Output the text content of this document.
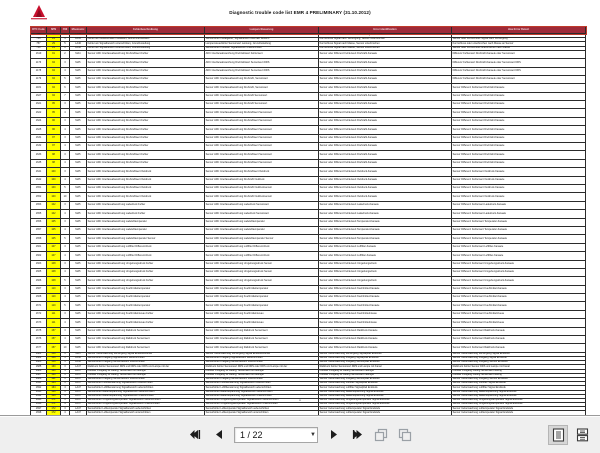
Diagnostic trouble code list EMR 4 PRELIMINARY (31.10.2012)
DTC Code	SPN	FMI	Mnemonic	Fehlerbeschreibung	Lampen-Steuerung	Error identification	How Error Detect
755	29	3	LA45	Fehler am Nebelschalter Pedalwert, Aufnehmerstellwert	nicht auswertbarer Fehler am Pedalwert-Aufnehmer	Kurzschluss nach Masse oder Unterbrechung an Sensor	Kurzschluss oder unterbrochen nach Masse an Sensor
756	29	4	LA45	Fehler am Nebelschalter Pedalwert, Aufnehmerstellwert	Sensorfehler Pedalgeber, Signalbereich oberhalb Bereich	Kurzschluss Signal nach Versorgung, Sensor unterbrochen	Sensor oder Kurzschluss Signal nach Versorgung
757	29	5	LA46	Fehler am Signalbereich unterschritten, Grundzustellung	Lampensteuerfehler Sensorwert Leistung, Grundzustellung	Kurzschluss Signal nach Masse, Sensor unterbrochen	Kurzschluss oder unterbrochen nach Masse an Sensor
758	29	6	LA46	Fehler am Signalbereich unterschritten, Grundzustellung	Sensorfehler Funktion Signalbereich unterschritten	Kurzschluss Signal nach Masse, Sensor unterbrochen	Sensor oder Kurzschluss unterbrochen nach Masse
1619	91	2	MA4	Sensor ADC Interfaceabweichung Drehzahlwert Fehler	ADC Interfaceabweichung Drehzahlwert Fehlerwert	Sensor oder Differenz Fehlerwert Drehzahl-Kanaele	Differenz Fehlerwert Drehzahl-Kanaele oder Sensorwert
1176	94	3	MA5	Sensor ADC Interfaceabweichung Drehzahlwert Fehler	ADC Interfaceabweichung Drehzahlwert Sensorwert DRS	Sensor oder Differenz Fehlerwert Drehzahl-Kanaele	Differenz Fehlerwert Drehzahl-Kanaele oder Sensorwert DRS
1178	94	4	MA5	Sensor ADC Interfaceabweichung Drehzahlwert Fehler	ADC Interfaceabweichung Drehzahlwert Sensorwert DRS	Sensor oder Differenz Fehlerwert Drehzahl-Kanaele	Differenz Fehlerwert Drehzahl-Kanaele oder Sensorwert DRS
1179	94	5	MA5	Sensor ADC Interfaceabweichung Drehzahlwert Fehler	Sensor ADC Interfaceabweichung Drehzahl, Sensorwert	Sensor oder Differenz Fehlerwert Drehzahl-Kanaele	Differenz Fehlerwert Drehzahl-Kanaele oder Sensorwert
1181	94	6	MA5	Sensor ADC Interfaceabweichung Drehzahlwert Fehler	Sensor ADC Interfaceabweichung Drehzahl, Sensorwert	Sensor oder Differenz Fehlerwert Drehzahl-Kanaele	Sensor Differenz Fehlerwert Drehzahl-Kanaele
1627	94	7	MA5	Sensor ADC Interfaceabweichung Drehzahlwert Fehler	Sensor ADC Interfaceabweichung Drehzahl Sensorwert	Sensor oder Differenz Fehlerwert Drehzahl-Kanaele	Sensor Differenz Fehlerwert Drehzahl-Kanaele
1621	95	3	MA5	Sensor ADC Interfaceabweichung Drehzahlwert Fehler	Sensor ADC Interfaceabweichung Drehzahl Sensorwert	Sensor oder Differenz Fehlerwert Drehzahl-Kanaele	Sensor Differenz Fehlerwert Drehzahl-Kanaele
1622	95	4	MA5	Sensor ADC Interfaceabweichung Drehzahlwert Fehler	Sensor ADC Interfaceabweichung Drehzahlwert Sensorwert	Sensor oder Differenz Fehlerwert Drehzahl-Kanaele	Sensor Differenz Fehlerwert Drehzahl-Kanaele
1624	96	3	MA5	Sensor ADC Interfaceabweichung Drehzahlwert Fehler	Sensor ADC Interfaceabweichung Drehzahlwert Sensorwert	Sensor oder Differenz Fehlerwert Drehzahl-Kanaele	Sensor Differenz Fehlerwert Drehzahl-Kanaele
1625	96	4	MA5	Sensor ADC Interfaceabweichung Drehzahlwert Fehler	Sensor ADC Interfaceabweichung Drehzahlwert Sensorwert	Sensor oder Differenz Fehlerwert Drehzahl-Kanaele	Sensor Differenz Fehlerwert Drehzahl-Kanaele
1631	97	3	MA5	Sensor ADC Interfaceabweichung Drehzahlwert Fehler	Sensor ADC Interfaceabweichung Drehzahlwert Sensorwert	Sensor oder Differenz Fehlerwert Drehzahl-Kanaele	Sensor Differenz Fehlerwert Drehzahl-Kanaele
1632	97	4	MA5	Sensor ADC Interfaceabweichung Drehzahlwert Fehler	Sensor ADC Interfaceabweichung Drehzahlwert Sensorwert	Sensor oder Differenz Fehlerwert Drehzahl-Kanaele	Sensor Differenz Fehlerwert Drehzahl-Kanaele
1633	98	3	MA5	Sensor ADC Interfaceabweichung Drehzahlwert Fehler	Sensor ADC Interfaceabweichung Drehzahlwert Sensorwert	Sensor oder Differenz Fehlerwert Drehzahl-Kanaele	Sensor Differenz Fehlerwert Drehzahl-Kanaele
1635	98	4	MA5	Sensor ADC Interfaceabweichung Drehzahlwert Fehler	Sensor ADC Interfaceabweichung Drehzahlwert Sensorwert	Sensor oder Differenz Fehlerwert Drehzahl-Kanaele	Sensor Differenz Fehlerwert Drehzahl-Kanaele
1641	100	3	MA5	Sensor ADC Interfaceabweichung Drehzahlwert Oeldruck	Sensor ADC Interfaceabweichung Drehzahlwert Oeldruck	Sensor oder Differenz Fehlerwert Oeldruck-Kanaele	Sensor Differenz Fehlerwert Oeldruck-Kanaele
1642	100	4	MA5	Sensor ADC Interfaceabweichung Drehzahlwert Oeldruck	Sensor ADC Interfaceabweichung Drehzahl Oeldruck	Sensor oder Differenz Fehlerwert Oeldruck-Kanaele	Sensor Differenz Fehlerwert Oeldruck-Kanaele
1651	100	5	MA5	Sensor ADC Interfaceabweichung Drehzahlwert Oeldruck	Sensor ADC Interfaceabweichung Drehzahl Oeldrucksensor	Sensor oder Differenz Fehlerwert Oeldruck-Kanaele	Sensor Differenz Fehlerwert Oeldruck-Kanaele
1652	100	10	MA5	Sensor ADC Interfaceabweichung Drehzahlwert Oeldruck	Sensor ADC Interfaceabweichung Drehzahl Oeldrucksensor	Sensor oder Differenz Fehlerwert Oeldruck-Kanaele	Sensor Differenz Fehlerwert Oeldruck-Kanaele
1653	102	3	MA5	Sensor ADC Interfaceabweichung Ladedruck Fehler	Sensor ADC Interfaceabweichung Ladedruck Sensorwert	Sensor oder Differenz Fehlerwert Ladedruck-Kanaele	Sensor Differenz Fehlerwert Ladedruck-Kanaele
1655	102	4	MA5	Sensor ADC Interfaceabweichung Ladedruck Fehler	Sensor ADC Interfaceabweichung Ladedruck Sensorwert	Sensor oder Differenz Fehlerwert Ladedruck-Kanaele	Sensor Differenz Fehlerwert Ladedruck-Kanaele
1656	105	3	MA5	Sensor ADC Interfaceabweichung Ladelufttemperatur	Sensor ADC Interfaceabweichung Ladelufttemperatur	Sensor oder Differenz Fehlerwert Temperatur-Kanaele	Sensor Differenz Fehlerwert Temperatur-Kanaele
1657	105	4	MA5	Sensor ADC Interfaceabweichung Ladelufttemperatur	Sensor ADC Interfaceabweichung Ladelufttemperatur	Sensor oder Differenz Fehlerwert Temperatur-Kanaele	Sensor Differenz Fehlerwert Temperatur-Kanaele
1658	105	5	MA5	Sensor ADC Interfaceabweichung Ladelufttemperatur Sensor	Sensor ADC Interfaceabweichung Ladelufttemperatur Sensor	Sensor oder Differenz Fehlerwert Temperatur-Kanaele	Sensor Differenz Fehlerwert Temperatur-Kanaele
1661	107	3	MA5	Sensor ADC Interfaceabweichung Luftfilter Differenzdruck	Sensor ADC Interfaceabweichung Luftfilter Differenzdruck	Sensor oder Differenz Fehlerwert Luftfilter-Kanaele	Sensor Differenz Fehlerwert Luftfilter-Kanaele
1662	107	4	MA5	Sensor ADC Interfaceabweichung Luftfilter Differenzdruck	Sensor ADC Interfaceabweichung Luftfilter Differenzdruck	Sensor oder Differenz Fehlerwert Luftfilter-Kanaele	Sensor Differenz Fehlerwert Luftfilter-Kanaele
1663	108	3	MA5	Sensor ADC Interfaceabweichung Umgebungsdruck Fehler	Sensor ADC Interfaceabweichung Umgebungsdruck Sensor	Sensor oder Differenz Fehlerwert Umgebungsdruck	Sensor Differenz Fehlerwert Umgebungsdruck-Kanaele
1665	108	4	MA5	Sensor ADC Interfaceabweichung Umgebungsdruck Fehler	Sensor ADC Interfaceabweichung Umgebungsdruck Sensor	Sensor oder Differenz Fehlerwert Umgebungsdruck	Sensor Differenz Fehlerwert Umgebungsdruck-Kanaele
1666	108	5	MA5	Sensor ADC Interfaceabweichung Umgebungsdruck Fehler	Sensor ADC Interfaceabweichung Umgebungsdruck Sensor	Sensor oder Differenz Fehlerwert Umgebungsdruck	Sensor Differenz Fehlerwert Umgebungsdruck-Kanaele
1667	110	3	MA5	Sensor ADC Interfaceabweichung Kuehlmitteltemperatur	Sensor ADC Interfaceabweichung Kuehlmitteltemperatur	Sensor oder Differenz Fehlerwert Kuehlmittel-Kanaele	Sensor Differenz Fehlerwert Kuehlmittel-Kanaele
1668	110	4	MA5	Sensor ADC Interfaceabweichung Kuehlmitteltemperatur	Sensor ADC Interfaceabweichung Kuehlmitteltemperatur	Sensor oder Differenz Fehlerwert Kuehlmittel-Kanaele	Sensor Differenz Fehlerwert Kuehlmittel-Kanaele
1671	110	5	MA5	Sensor ADC Interfaceabweichung Kuehlmitteltemperatur	Sensor ADC Interfaceabweichung Kuehlmitteltemperatur	Sensor oder Differenz Fehlerwert Kuehlmittel-Kanaele	Sensor Differenz Fehlerwert Kuehlmittel-Kanaele
1672	111	3	MA5	Sensor ADC Interfaceabweichung Kuehlmittelniveau Fehler	Sensor ADC Interfaceabweichung Kuehlmittelniveau	Sensor oder Differenz Fehlerwert Kuehlmittelniveau	Sensor Differenz Fehlerwert Kuehlmittelniveau
1673	111	4	MA5	Sensor ADC Interfaceabweichung Kuehlmittelniveau Fehler	Sensor ADC Interfaceabweichung Kuehlmittelniveau	Sensor oder Differenz Fehlerwert Kuehlmittelniveau	Sensor Differenz Fehlerwert Kuehlmittelniveau
1675	157	3	MA5	Sensor ADC Interfaceabweichung Raildruck Sensorwert	Sensor ADC Interfaceabweichung Raildruck Sensorwert	Sensor oder Differenz Fehlerwert Raildruck-Kanaele	Sensor Differenz Fehlerwert Raildruck-Kanaele
1676	157	4	MA5	Sensor ADC Interfaceabweichung Raildruck Sensorwert	Sensor ADC Interfaceabweichung Raildruck Sensorwert	Sensor oder Differenz Fehlerwert Raildruck-Kanaele	Sensor Differenz Fehlerwert Raildruck-Kanaele
1677	157	10	MA5	Sensor ADC Interfaceabweichung Raildruck Sensorwert	Sensor ADC Interfaceabweichung Raildruck Sensorwert	Sensor oder Differenz Fehlerwert Raildruck-Kanaele	Sensor Differenz Fehlerwert Raildruck-Kanaele
1681	158	3	MA5	Sensor Ueberwachung Versorgung Signal Endstufenfehler	Sensor Ueberwachung Versorgung Signal Endstufenfehler	Sensor Ueberwachung Versorgung Signalpfad Endstufe	Sensor Ueberwachung Versorgung Signal Endstufe
1682	158	4	LA46	Sensorfehler Freigang Signalbereich ueberschritten	Sensorfehler Freigang Signalbereich ueberschritten	Sensor Ueberwachung Freigang Signalpfad Endstufe	Sensor Ueberwachung Freigang Signal Endstufe
1683	158	5	LA46	Sensorfehler Freigang Sensorbereich unterschritten	Sensorfehler Freigang Sensorbereich unterschritten	Sensor Ueberwachung Freigang Sensorpfad Endstufe	Sensor Ueberwachung Freigang Sensor Endstufe
1685	160	3	LA47	Raildruck Fehler Sensorwert DRS und DRS oder DRS und Lampe mit der	Raildruck Fehler Sensorwert DRS und DRS oder DRS und Lampe mit der	Raildruck Fehler Sensorwert DRS und Lampe mit Kanal	Raildruck Fehler Sensor DRS und Lampe mit Kanal
1686	160	4	LA47	Luftfilter Freigang ist niedrig, Sensorwert ist niedriger	Luftfilter Freigang ist niedrig, Sensorwert ist niedriger	Luftfilter Freigang ist niedrig Sensorwert niedriger	Luftfilter Freigang niedrig Sensorwert niedrig
1687	160	5	LA47	Luftfilter Freigang ist niedrig, Sensorwert ist niedriger	Luftfilter Freigang ist niedrig, Sensorwert ist niedriger	Luftfilter Freigang ist niedrig Sensorwert niedriger	Luftfilter Freigang niedrig Sensorwert niedrig
1688	161	3	LA47	Sensorfehler Freigang Sensorbereich unterschritten	Sensorfehler Freigang Sensorbereich unterschritten	Sensor Ueberwachung Freigang Sensorpfad Endstufe	Sensor Ueberwachung Freigang Sensor Endstufe
1691	164	3	LA47	Sensorfehler Luftfilterwarnung Signalbereich unterschritten	Sensorfehler Luftfilterwarnung Signalbereich unterschritten	Sensor Ueberwachung Luftfilter Signalpfad Endstufe	Sensor Ueberwachung Luftfilter Signal Endstufe
1692	164	4	LA47	Sensorfehler Luftfilterwarnung Signalbereich ueberschritten	Sensorfehler Luftfilterwarnung Signalbereich ueberschritten	Sensor Ueberwachung Luftfilter Signalpfad Endstufe	Sensor Ueberwachung Luftfilter Signal Endstufe
1693	168	3	LA47	Sensorfehler Batteriespannung Signalbereich ueberschritten	Sensorfehler Batteriespannung Signalbereich ueberschritten	Sensor Ueberwachung Batteriespannung Signal Endstufe	Sensor Ueberwachung Batteriespannung Signal Endstufe
1694	168	4	LA47	Sensorfehler Batteriespannung Signalbereich unterschritten	Sensorfehler Batteriespannung Signalbereich unterschritten	Sensor Ueberwachung Batteriespannung Signal Endstufe	Sensor Ueberwachung Batteriespannung Signal Endstufe
1695	171	3	LA47	Sensorfehler Umgebungstemperatur Signalbereich ueberschritten	Sensorfehler Umgebungstemperatur Signalbereich ueberschritten	Sensor Ueberwachung Umgebungstemperatur Signal Endstufe	Sensor Ueberwachung Umgebungstemperatur Signal Endstufe
1696	171	4	LA47	Sensorfehler Umgebungstemperatur Signalbereich unterschritten	Sensorfehler Umgebungstemperatur Signalbereich unterschritten	Sensor Ueberwachung Umgebungstemperatur Signal Endstufe	Sensor Ueberwachung Umgebungstemperatur Signal Endstufe
1697	172	3	LA47	Sensorfehler Lufttemperatur Signalbereich ueberschritten	Sensorfehler Lufttemperatur Signalbereich ueberschritten	Sensor Ueberwachung Lufttemperatur Signal Endstufe	Sensor Ueberwachung Lufttemperatur Signal Endstufe
1698	172	4	LA47	Sensorfehler Lufttemperatur Signalbereich unterschritten	Sensorfehler Lufttemperatur Signalbereich unterschritten	Sensor Ueberwachung Lufttemperatur Signal Endstufe	Sensor Ueberwachung Lufttemperatur Signal Endstufe

1
1 / 22
▼
